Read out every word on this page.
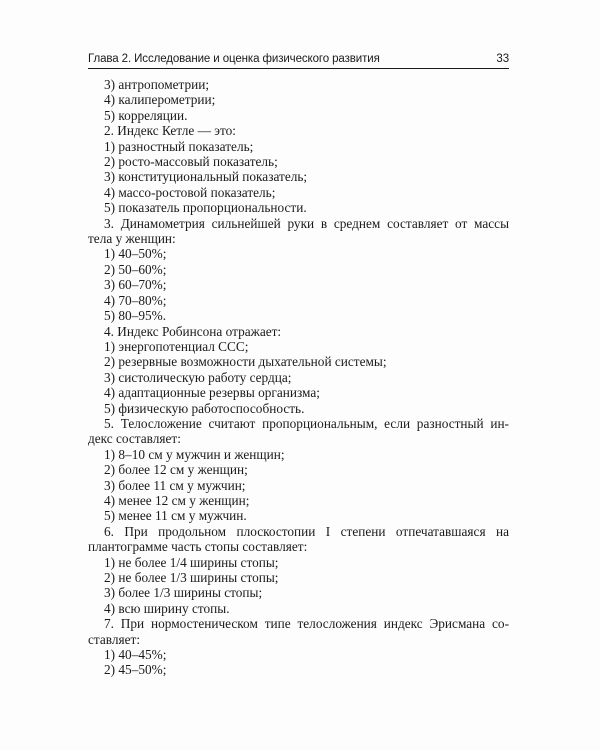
Глава 2. Исследование и оценка физического развития	33
3) антропометрии;
4) калиперометрии;
5) корреляции.
2. Индекс Кетле — это:
1) разностный показатель;
2) росто-массовый показатель;
3) конституциональный показатель;
4) массо-ростовой показатель;
5) показатель пропорциональности.
3. Динамометрия сильнейшей руки в среднем составляет от массы
тела у женщин:
1) 40–50%;
2) 50–60%;
3) 60–70%;
4) 70–80%;
5) 80–95%.
4. Индекс Робинсона отражает:
1) энергопотенциал ССС;
2) резервные возможности дыхательной системы;
3) систолическую работу сердца;
4) адаптационные резервы организма;
5) физическую работоспособность.
5. Телосложение считают пропорциональным, если разностный ин-
декс составляет:
1) 8–10 см у мужчин и женщин;
2) более 12 см у женщин;
3) более 11 см у мужчин;
4) менее 12 см у женщин;
5) менее 11 см у мужчин.
6. При продольном плоскостопии I степени отпечатавшаяся на
плантограмме часть стопы составляет:
1) не более 1/4 ширины стопы;
2) не более 1/3 ширины стопы;
3) более 1/3 ширины стопы;
4) всю ширину стопы.
7. При нормостеническом типе телосложения индекс Эрисмана со-
ставляет:
1) 40–45%;
2) 45–50%;
